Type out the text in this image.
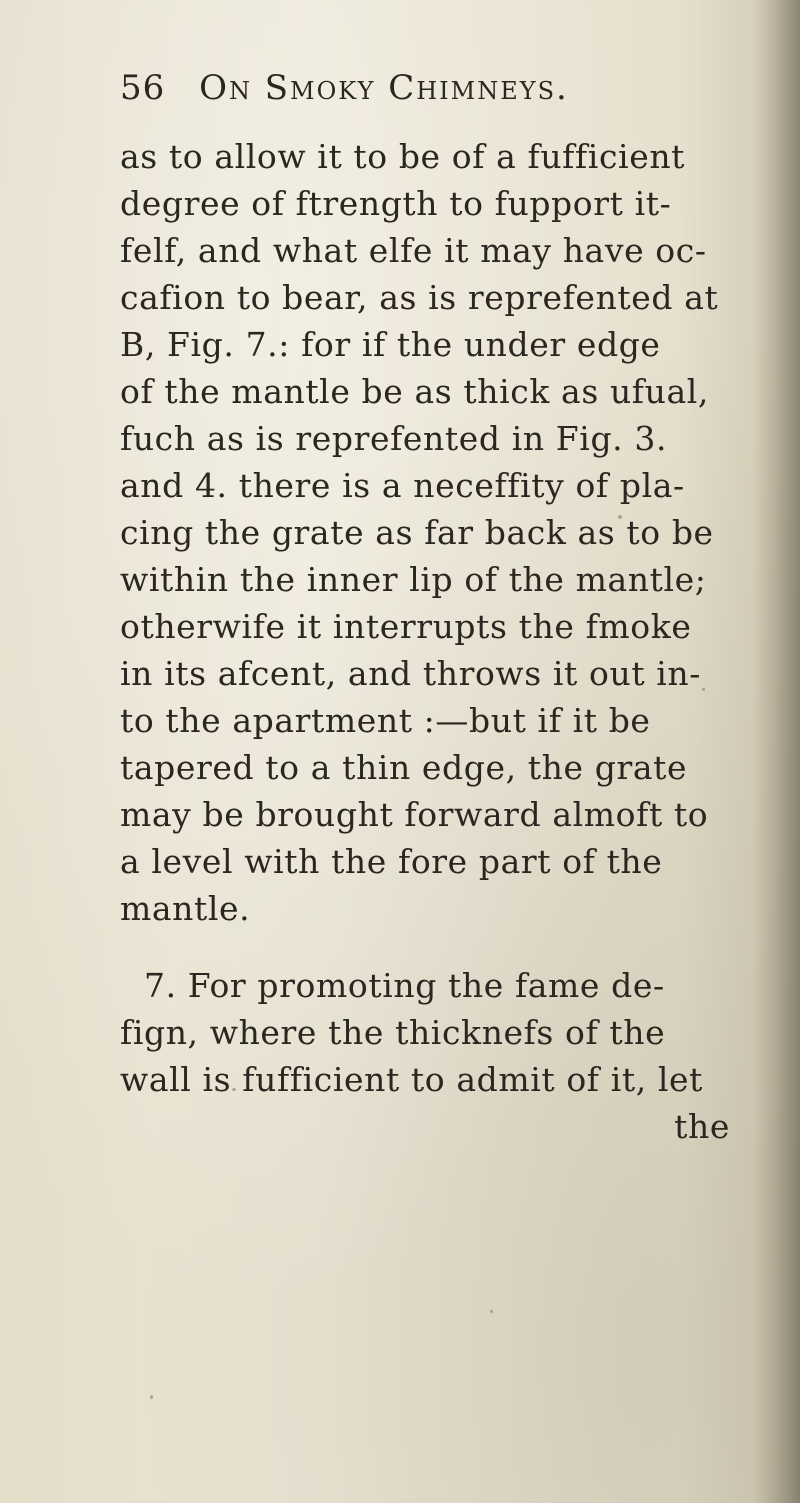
56 On Smoky Chimneys.
as to allow it to be of a fufficient
degree of ftrength to fupport it-
felf, and what elfe it may have oc-
cafion to bear, as is reprefented at
B, Fig. 7.: for if the under edge
of the mantle be as thick as ufual,
fuch as is reprefented in Fig. 3.
and 4. there is a neceffity of pla-
cing the grate as far back as to be
within the inner lip of the mantle;
otherwife it interrupts the fmoke
in its afcent, and throws it out in-
to the apartment :—but if it be
tapered to a thin edge, the grate
may be brought forward almoft to
a level with the fore part of the
mantle.
7. For promoting the fame de-
fign, where the thicknefs of the
wall is fufficient to admit of it, let
the
